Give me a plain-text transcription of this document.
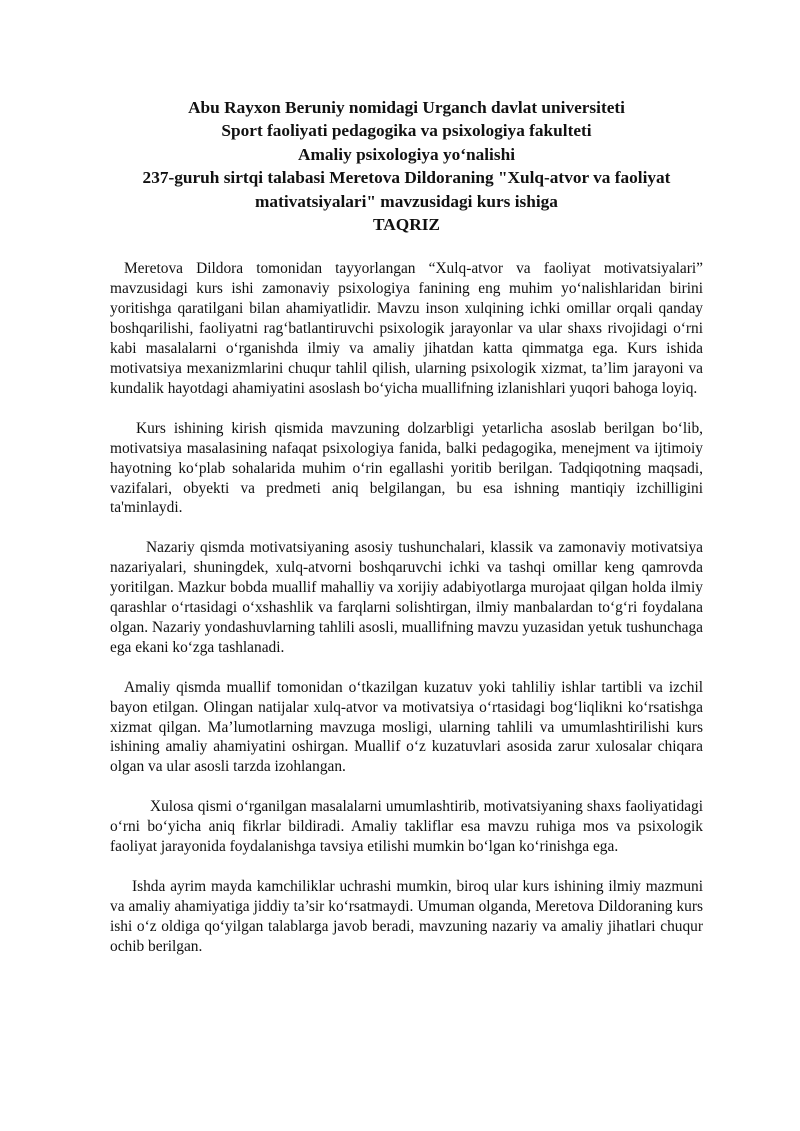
Abu Rayxon Beruniy nomidagi Urganch davlat universiteti
Sport faoliyati pedagogika va psixologiya fakulteti
Amaliy psixologiya yo‘nalishi
237-guruh sirtqi talabasi Meretova Dildoraning "Xulq-atvor va faoliyat
mativatsiyalari" mavzusidagi kurs ishiga
TAQRIZ

Meretova Dildora tomonidan tayyorlangan “Xulq-atvor va faoliyat motivatsiyalari” mavzusidagi kurs ishi zamonaviy psixologiya fanining eng muhim yo‘nalishlaridan birini yoritishga qaratilgani bilan ahamiyatlidir. Mavzu inson xulqining ichki omillar orqali qanday boshqarilishi, faoliyatni rag‘batlantiruvchi psixologik jarayonlar va ular shaxs rivojidagi o‘rni kabi masalalarni o‘rganishda ilmiy va amaliy jihatdan katta qimmatga ega. Kurs ishida motivatsiya mexanizmlarini chuqur tahlil qilish, ularning psixologik xizmat, ta’lim jarayoni va kundalik hayotdagi ahamiyatini asoslash bo‘yicha muallifning izlanishlari yuqori bahoga loyiq.

Kurs ishining kirish qismida mavzuning dolzarbligi yetarlicha asoslab berilgan bo‘lib, motivatsiya masalasining nafaqat psixologiya fanida, balki pedagogika, menejment va ijtimoiy hayotning ko‘plab sohalarida muhim o‘rin egallashi yoritib berilgan. Tadqiqotning maqsadi, vazifalari, obyekti va predmeti aniq belgilangan, bu esa ishning mantiqiy izchilligini ta'minlaydi.

Nazariy qismda motivatsiyaning asosiy tushunchalari, klassik va zamonaviy motivatsiya nazariyalari, shuningdek, xulq-atvorni boshqaruvchi ichki va tashqi omillar keng qamrovda yoritilgan. Mazkur bobda muallif mahalliy va xorijiy adabiyotlarga murojaat qilgan holda ilmiy qarashlar o‘rtasidagi o‘xshashlik va farqlarni solishtirgan, ilmiy manbalardan to‘g‘ri foydalana olgan. Nazariy yondashuvlarning tahlili asosli, muallifning mavzu yuzasidan yetuk tushunchaga ega ekani ko‘zga tashlanadi.

Amaliy qismda muallif tomonidan o‘tkazilgan kuzatuv yoki tahliliy ishlar tartibli va izchil bayon etilgan. Olingan natijalar xulq-atvor va motivatsiya o‘rtasidagi bog‘liqlikni ko‘rsatishga xizmat qilgan. Ma’lumotlarning mavzuga mosligi, ularning tahlili va umumlashtirilishi kurs ishining amaliy ahamiyatini oshirgan. Muallif o‘z kuzatuvlari asosida zarur xulosalar chiqara olgan va ular asosli tarzda izohlangan.

Xulosa qismi o‘rganilgan masalalarni umumlashtirib, motivatsiyaning shaxs faoliyatidagi o‘rni bo‘yicha aniq fikrlar bildiradi. Amaliy takliflar esa mavzu ruhiga mos va psixologik faoliyat jarayonida foydalanishga tavsiya etilishi mumkin bo‘lgan ko‘rinishga ega.

Ishda ayrim mayda kamchiliklar uchrashi mumkin, biroq ular kurs ishining ilmiy mazmuni va amaliy ahamiyatiga jiddiy ta’sir ko‘rsatmaydi. Umuman olganda, Meretova Dildoraning kurs ishi o‘z oldiga qo‘yilgan talablarga javob beradi, mavzuning nazariy va amaliy jihatlari chuqur ochib berilgan.
